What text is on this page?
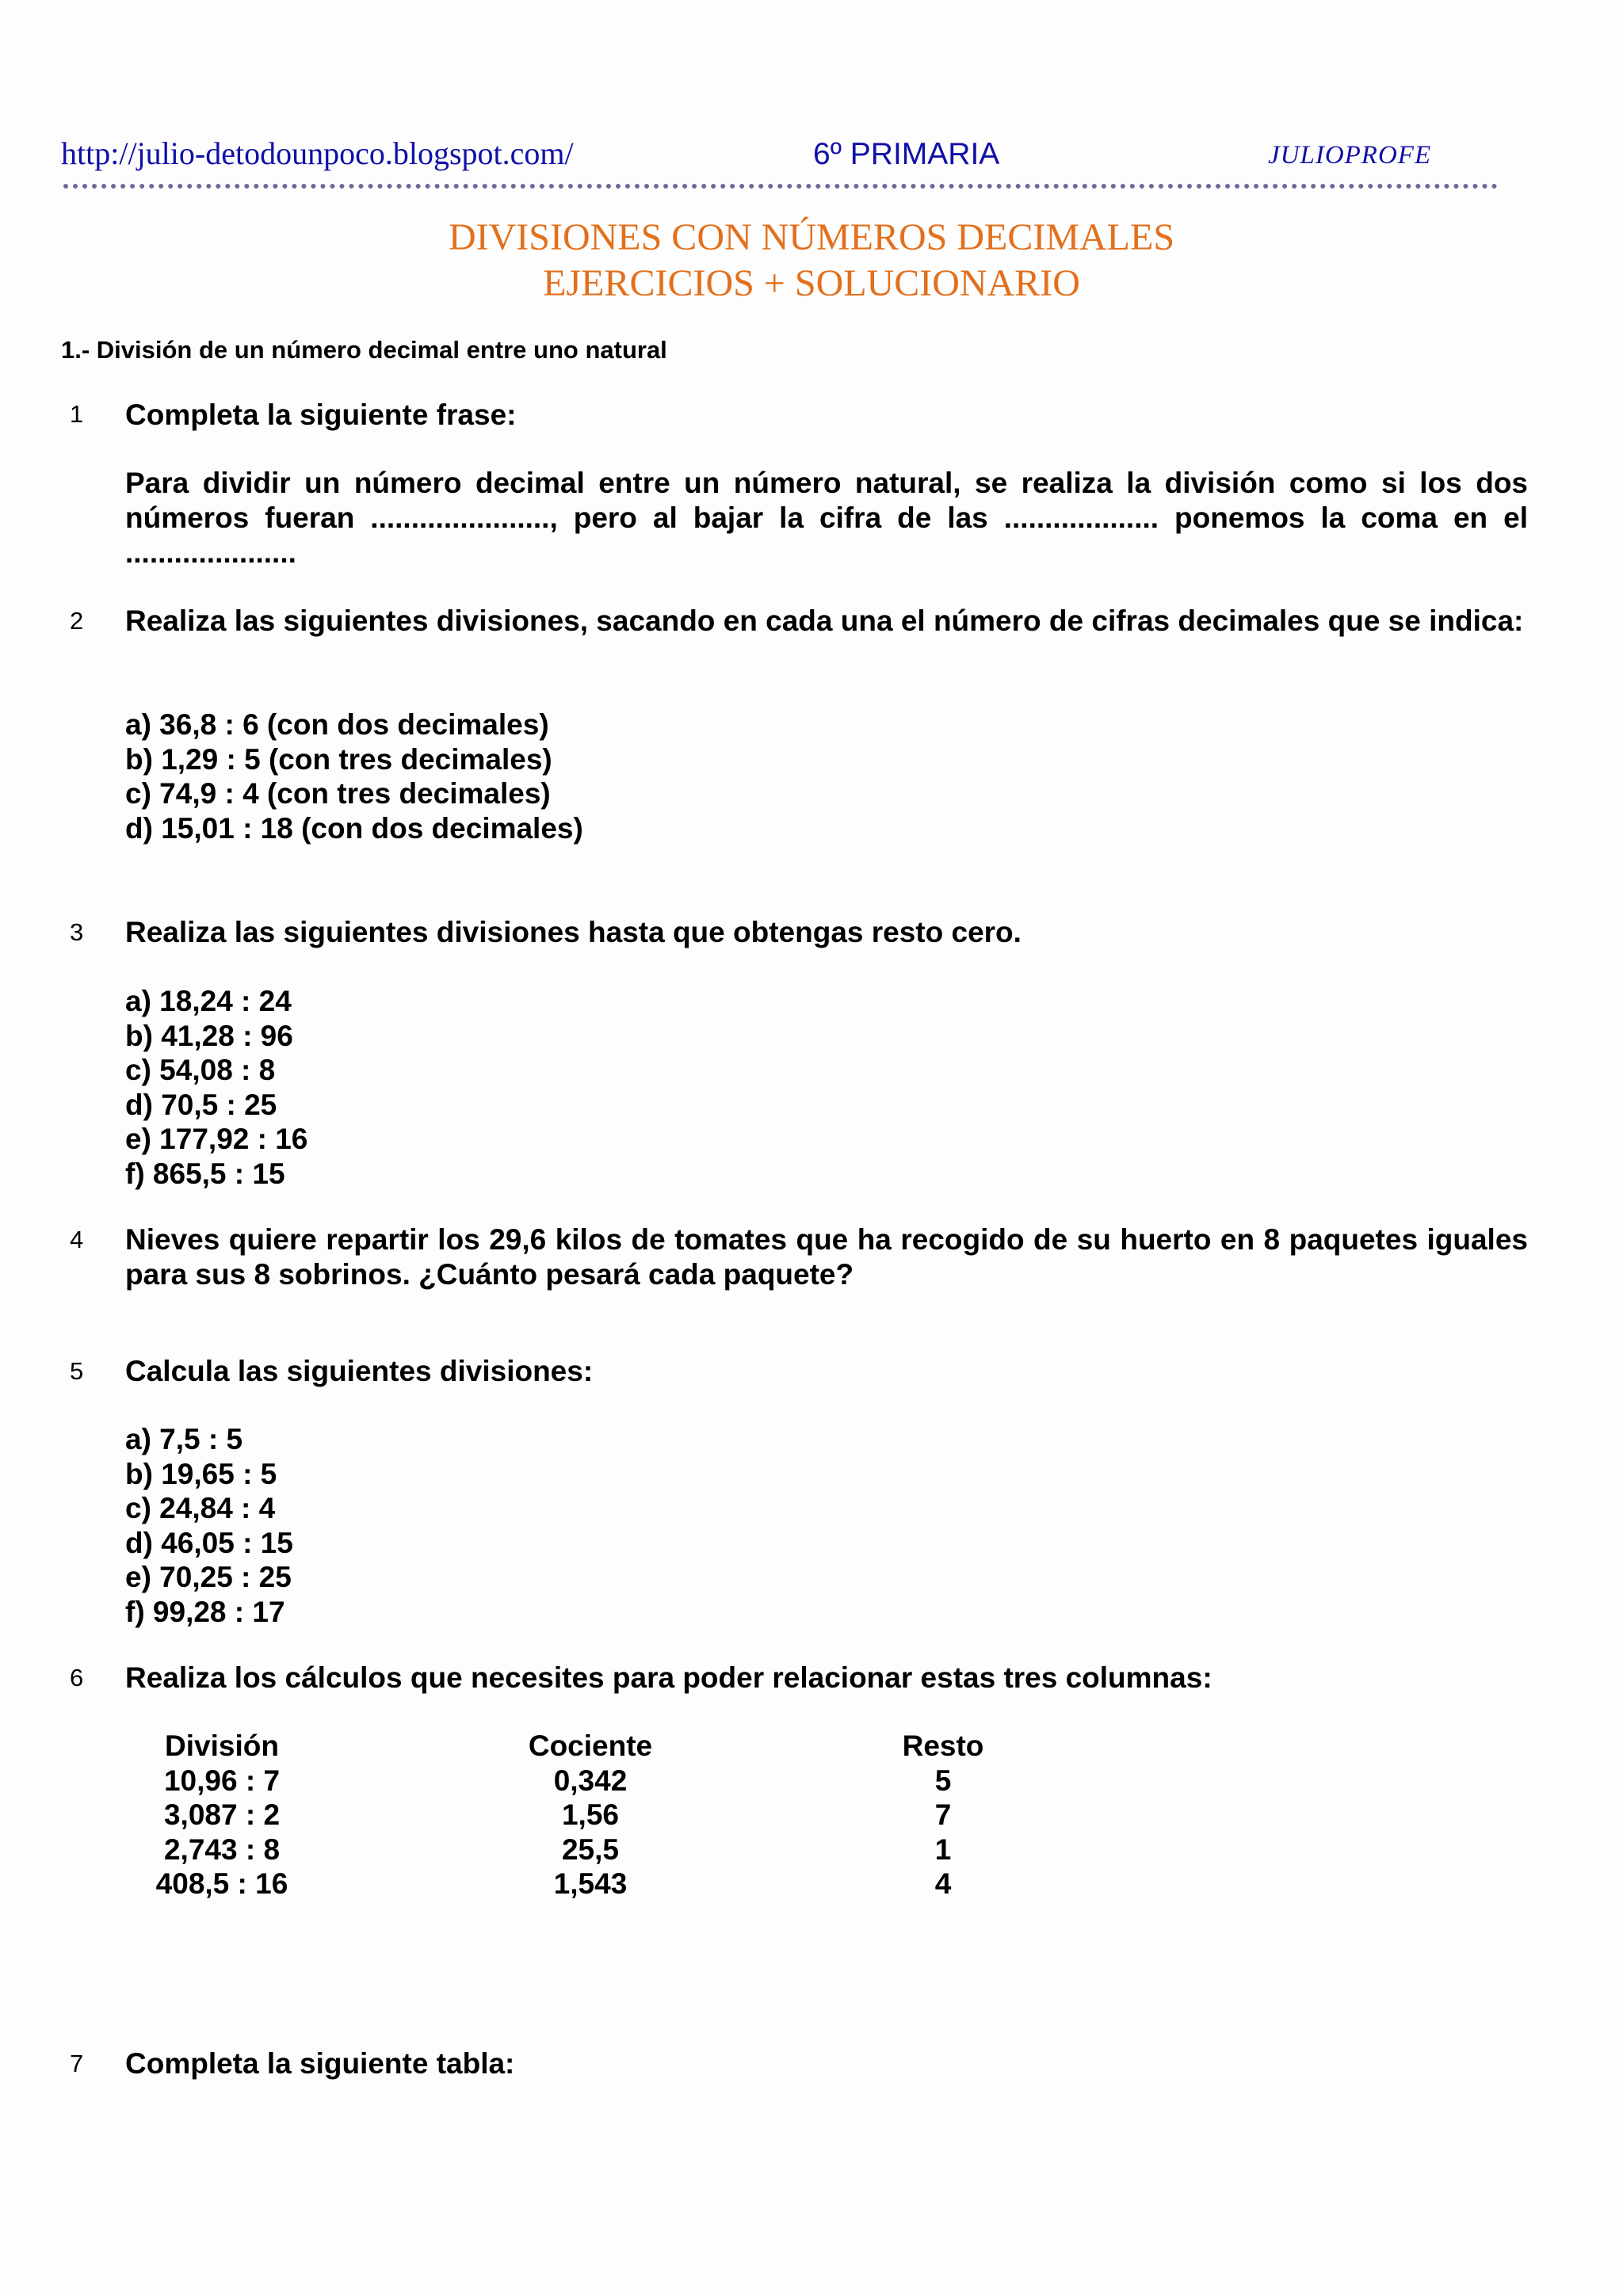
http://julio-detodounpoco.blogspot.com/	6º PRIMARIA	JULIOPROFE
DIVISIONES CON NÚMEROS DECIMALES
EJERCICIOS + SOLUCIONARIO
1.- División de un número decimal entre uno natural
1 Completa la siguiente frase:
Para dividir un número decimal entre un número natural, se realiza la división como si los dos números fueran ......................, pero al bajar la cifra de las ................... ponemos la coma en el .....................
2 Realiza las siguientes divisiones, sacando en cada una el número de cifras decimales que se indica:
a) 36,8 : 6 (con dos decimales)
b) 1,29 : 5 (con tres decimales)
c) 74,9 : 4 (con tres decimales)
d) 15,01 : 18 (con dos decimales)
3 Realiza las siguientes divisiones hasta que obtengas resto cero.
a) 18,24 : 24
b) 41,28 : 96
c) 54,08 : 8
d) 70,5 : 25
e) 177,92 : 16
f) 865,5 : 15
4 Nieves quiere repartir los 29,6 kilos de tomates que ha recogido de su huerto en 8 paquetes iguales para sus 8 sobrinos. ¿Cuánto pesará cada paquete?
5 Calcula las siguientes divisiones:
a) 7,5 : 5
b) 19,65 : 5
c) 24,84 : 4
d) 46,05 : 15
e) 70,25 : 25
f) 99,28 : 17
6 Realiza los cálculos que necesites para poder relacionar estas tres columnas:
División
10,96 : 7
3,087 : 2
2,743 : 8
408,5 : 16
Cociente
0,342
1,56
25,5
1,543
Resto
5
7
1
4
7 Completa la siguiente tabla:
